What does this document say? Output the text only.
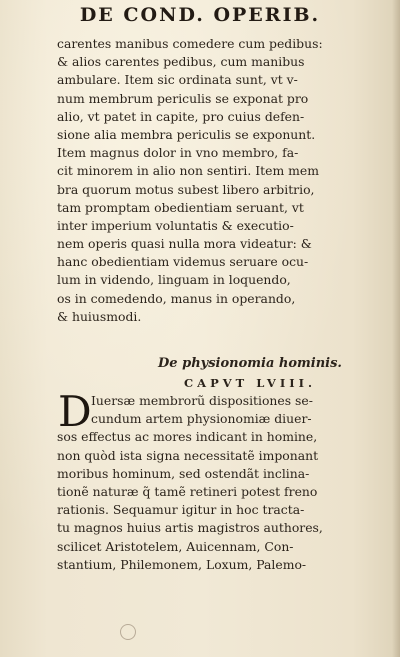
DE COND. OPERIB.
carentes manibus comedere cum pedibus:
& alios carentes pedibus, cum manibus
ambulare. Item sic ordinata sunt, vt v-
num membrum periculis se exponat pro
alio, vt patet in capite, pro cuius defen-
sione alia membra periculis se exponunt.
Item magnus dolor in vno membro, fa-
cit minorem in alio non sentiri. Item mem
bra quorum motus subest libero arbitrio,
tam promptam obedientiam seruant, vt
inter imperium voluntatis & executio-
nem operis quasi nulla mora videatur: &
hanc obedientiam videmus seruare ocu-
lum in videndo, linguam in loquendo,
os in comedendo, manus in operando,
& huiusmodi.
De physionomia hominis.
CAPVT LVIII.
D Iuersæ membrorũ dispositiones se-
cundum artem physionomiæ diuer-
sos effectus ac mores indicant in homine,
non quòd ista signa necessitatẽ imponant
moribus hominum, sed ostendãt inclina-
tionẽ naturæ q̃ tamẽ retineri potest freno
rationis. Sequamur igitur in hoc tracta-
tu magnos huius artis magistros authores,
scilicet Aristotelem, Auicennam, Con-
stantium, Philemonem, Loxum, Palemo-
